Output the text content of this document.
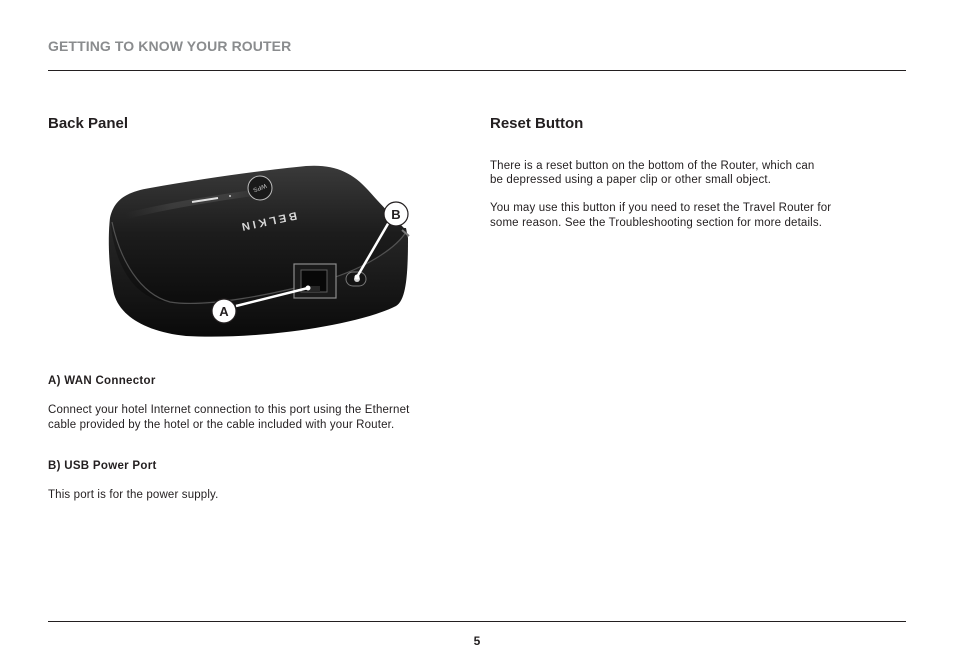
GETTING TO KNOW YOUR ROUTER
Back Panel
WPS
BELKIN
A
B
A) WAN Connector

Connect your hotel Internet connection to this port using the Ethernet

cable provided by the hotel or the cable included with your Router.

B) USB Power Port

This port is for the power supply.

Reset Button

There is a reset button on the bottom of the Router, which can

be depressed using a paper clip or other small object.

You may use this button if you need to reset the Travel Router for

some reason. See the Troubleshooting section for more details.

5
